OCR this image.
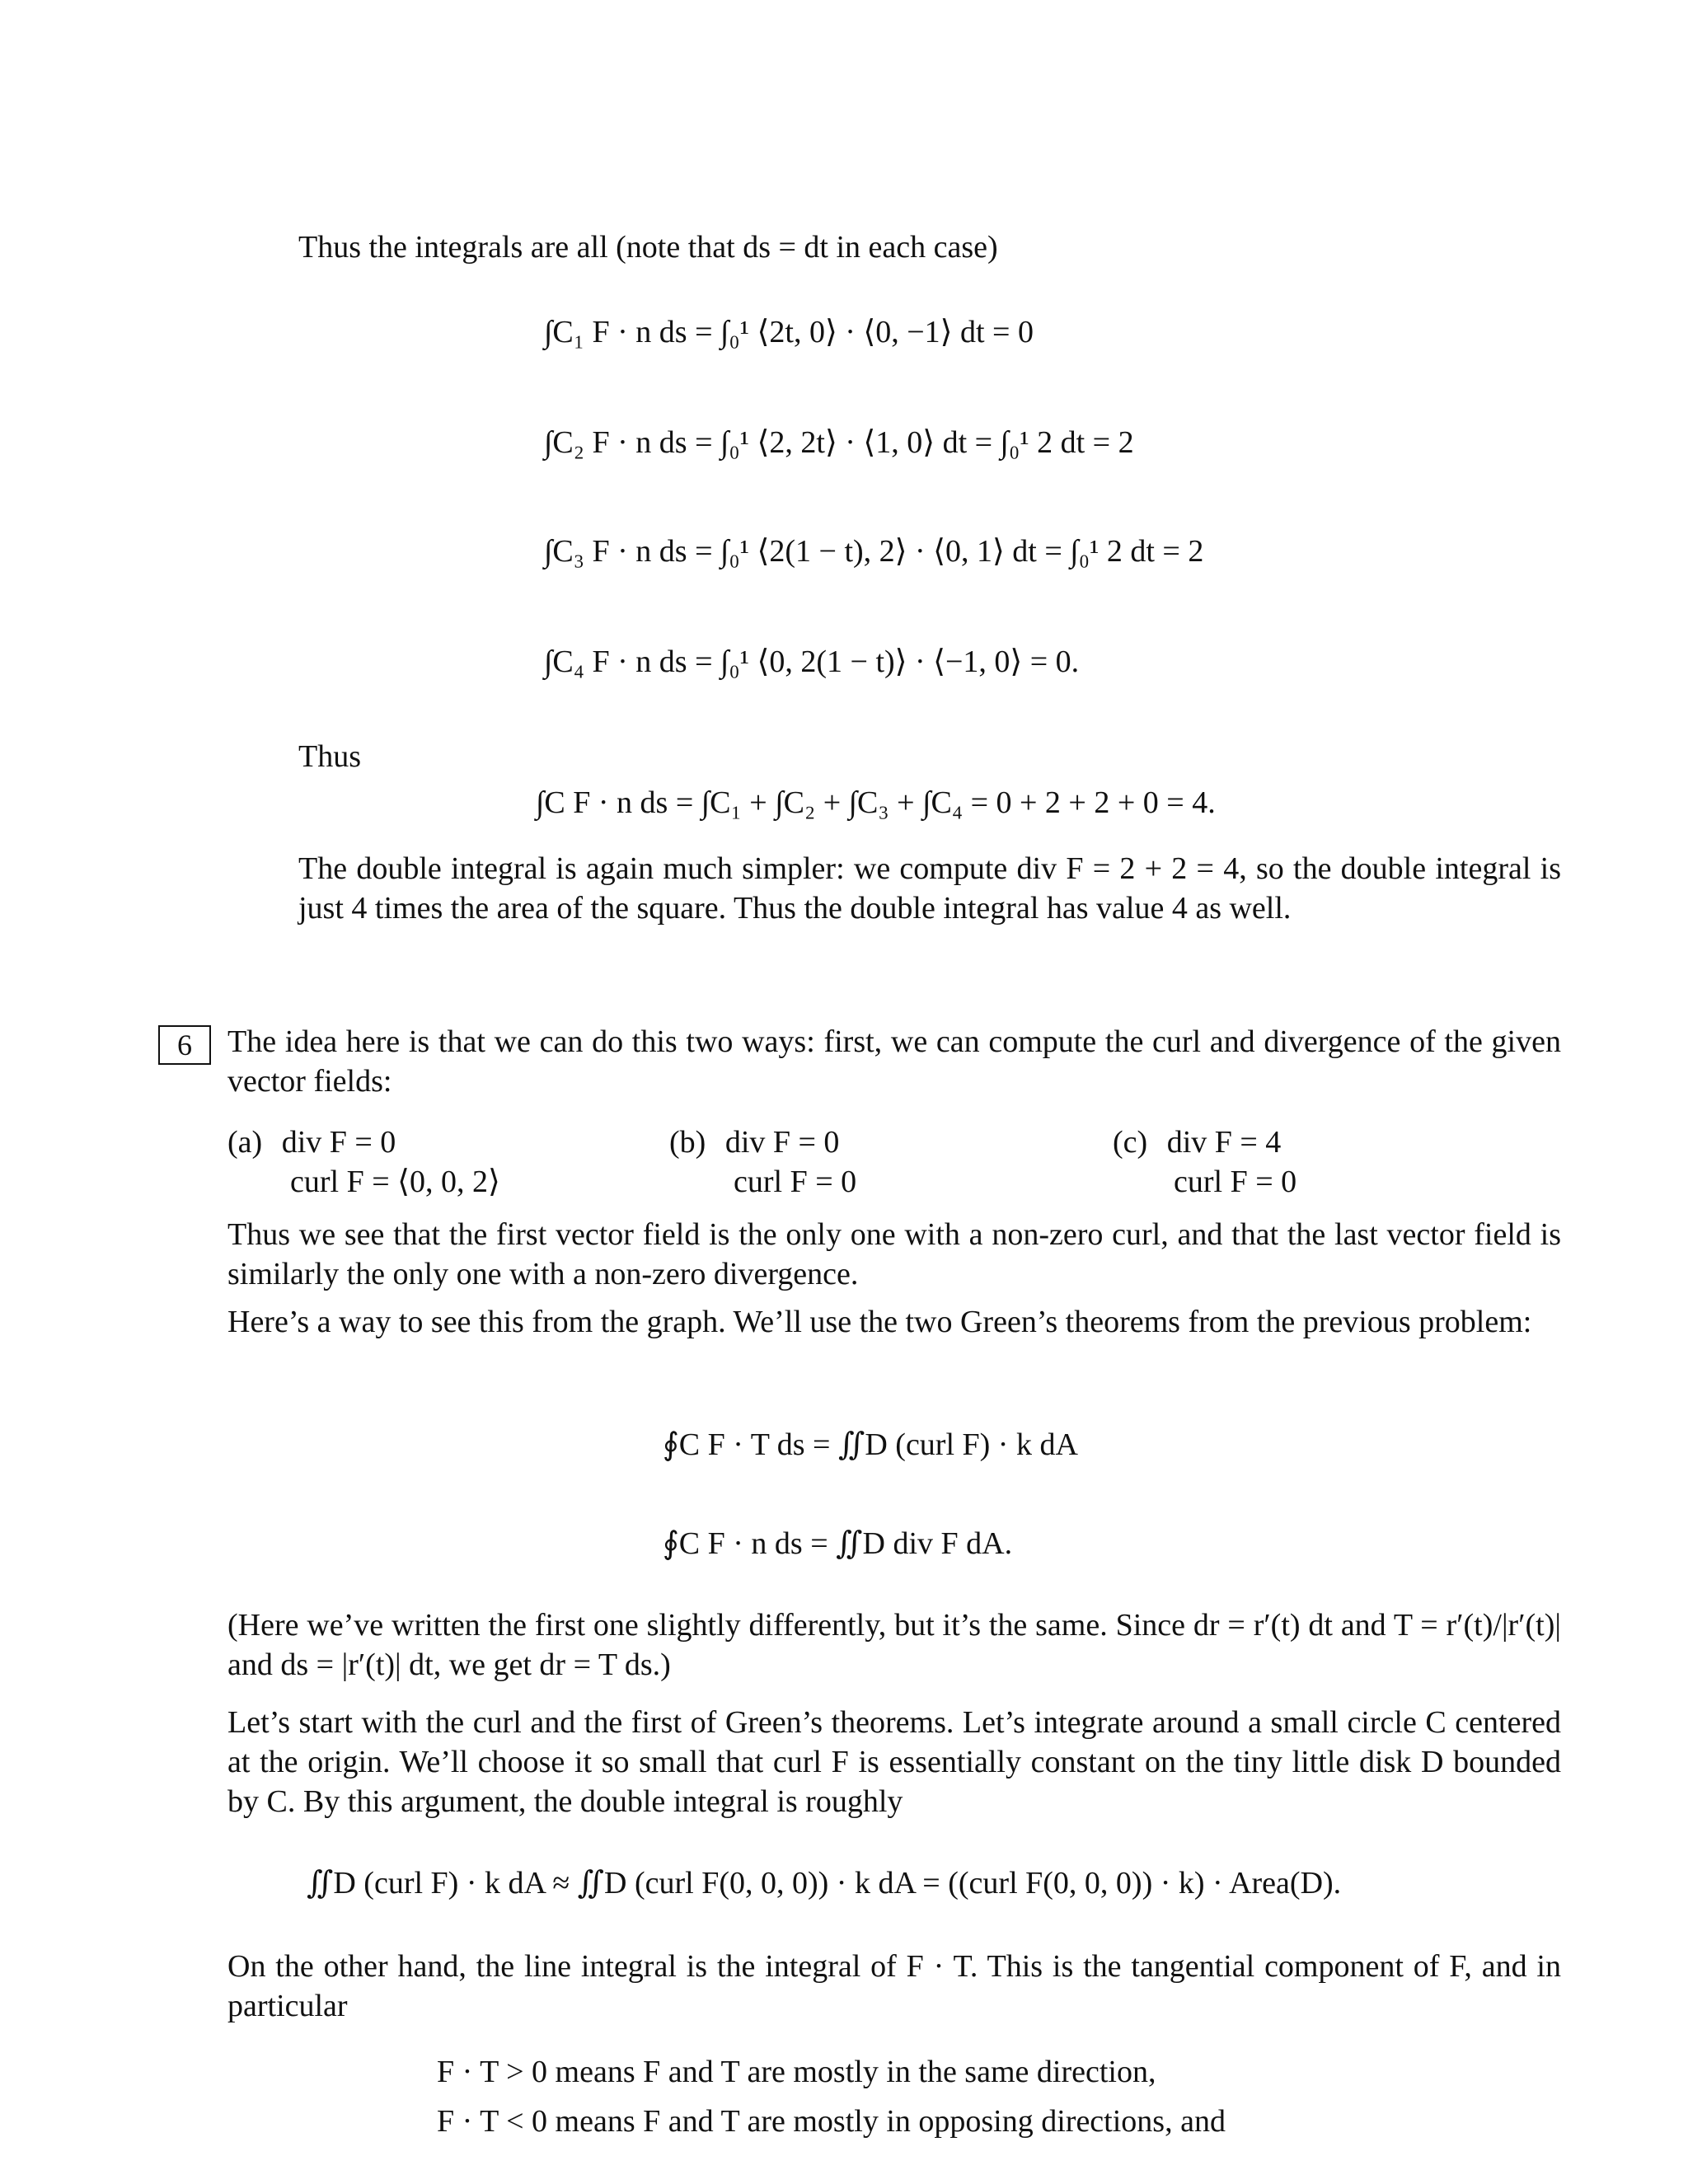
Thus the integrals are all (note that ds = dt in each case)
∫C₁ F · n ds = ∫₀¹ ⟨2t, 0⟩ · ⟨0, −1⟩ dt = 0
∫C₂ F · n ds = ∫₀¹ ⟨2, 2t⟩ · ⟨1, 0⟩ dt = ∫₀¹ 2 dt = 2
∫C₃ F · n ds = ∫₀¹ ⟨2(1 − t), 2⟩ · ⟨0, 1⟩ dt = ∫₀¹ 2 dt = 2
∫C₄ F · n ds = ∫₀¹ ⟨0, 2(1 − t)⟩ · ⟨−1, 0⟩ = 0.
Thus
∫C F · n ds = ∫C₁ + ∫C₂ + ∫C₃ + ∫C₄ = 0 + 2 + 2 + 0 = 4.
The double integral is again much simpler: we compute div F = 2 + 2 = 4, so the double integral is just 4 times the area of the square. Thus the double integral has value 4 as well.
6	The idea here is that we can do this two ways: first, we can compute the curl and divergence of the given vector fields:
(a) div F = 0
curl F = ⟨0, 0, 2⟩
(b) div F = 0
curl F = 0
(c) div F = 4
curl F = 0
Thus we see that the first vector field is the only one with a non-zero curl, and that the last vector field is similarly the only one with a non-zero divergence.
Here’s a way to see this from the graph. We’ll use the two Green’s theorems from the previous problem:
∮C F · T ds = ∬D (curl F) · k dA
∮C F · n ds = ∬D div F dA.
(Here we’ve written the first one slightly differently, but it’s the same. Since dr = r′(t) dt and T = r′(t)/|r′(t)| and ds = |r′(t)| dt, we get dr = T ds.)
Let’s start with the curl and the first of Green’s theorems. Let’s integrate around a small circle C centered at the origin. We’ll choose it so small that curl F is essentially constant on the tiny little disk D bounded by C. By this argument, the double integral is roughly
∬D (curl F) · k dA ≈ ∬D (curl F(0, 0, 0)) · k dA = ((curl F(0, 0, 0)) · k) · Area(D).
On the other hand, the line integral is the integral of F · T. This is the tangential component of F, and in particular
F · T > 0 means F and T are mostly in the same direction,
F · T < 0 means F and T are mostly in opposing directions, and
